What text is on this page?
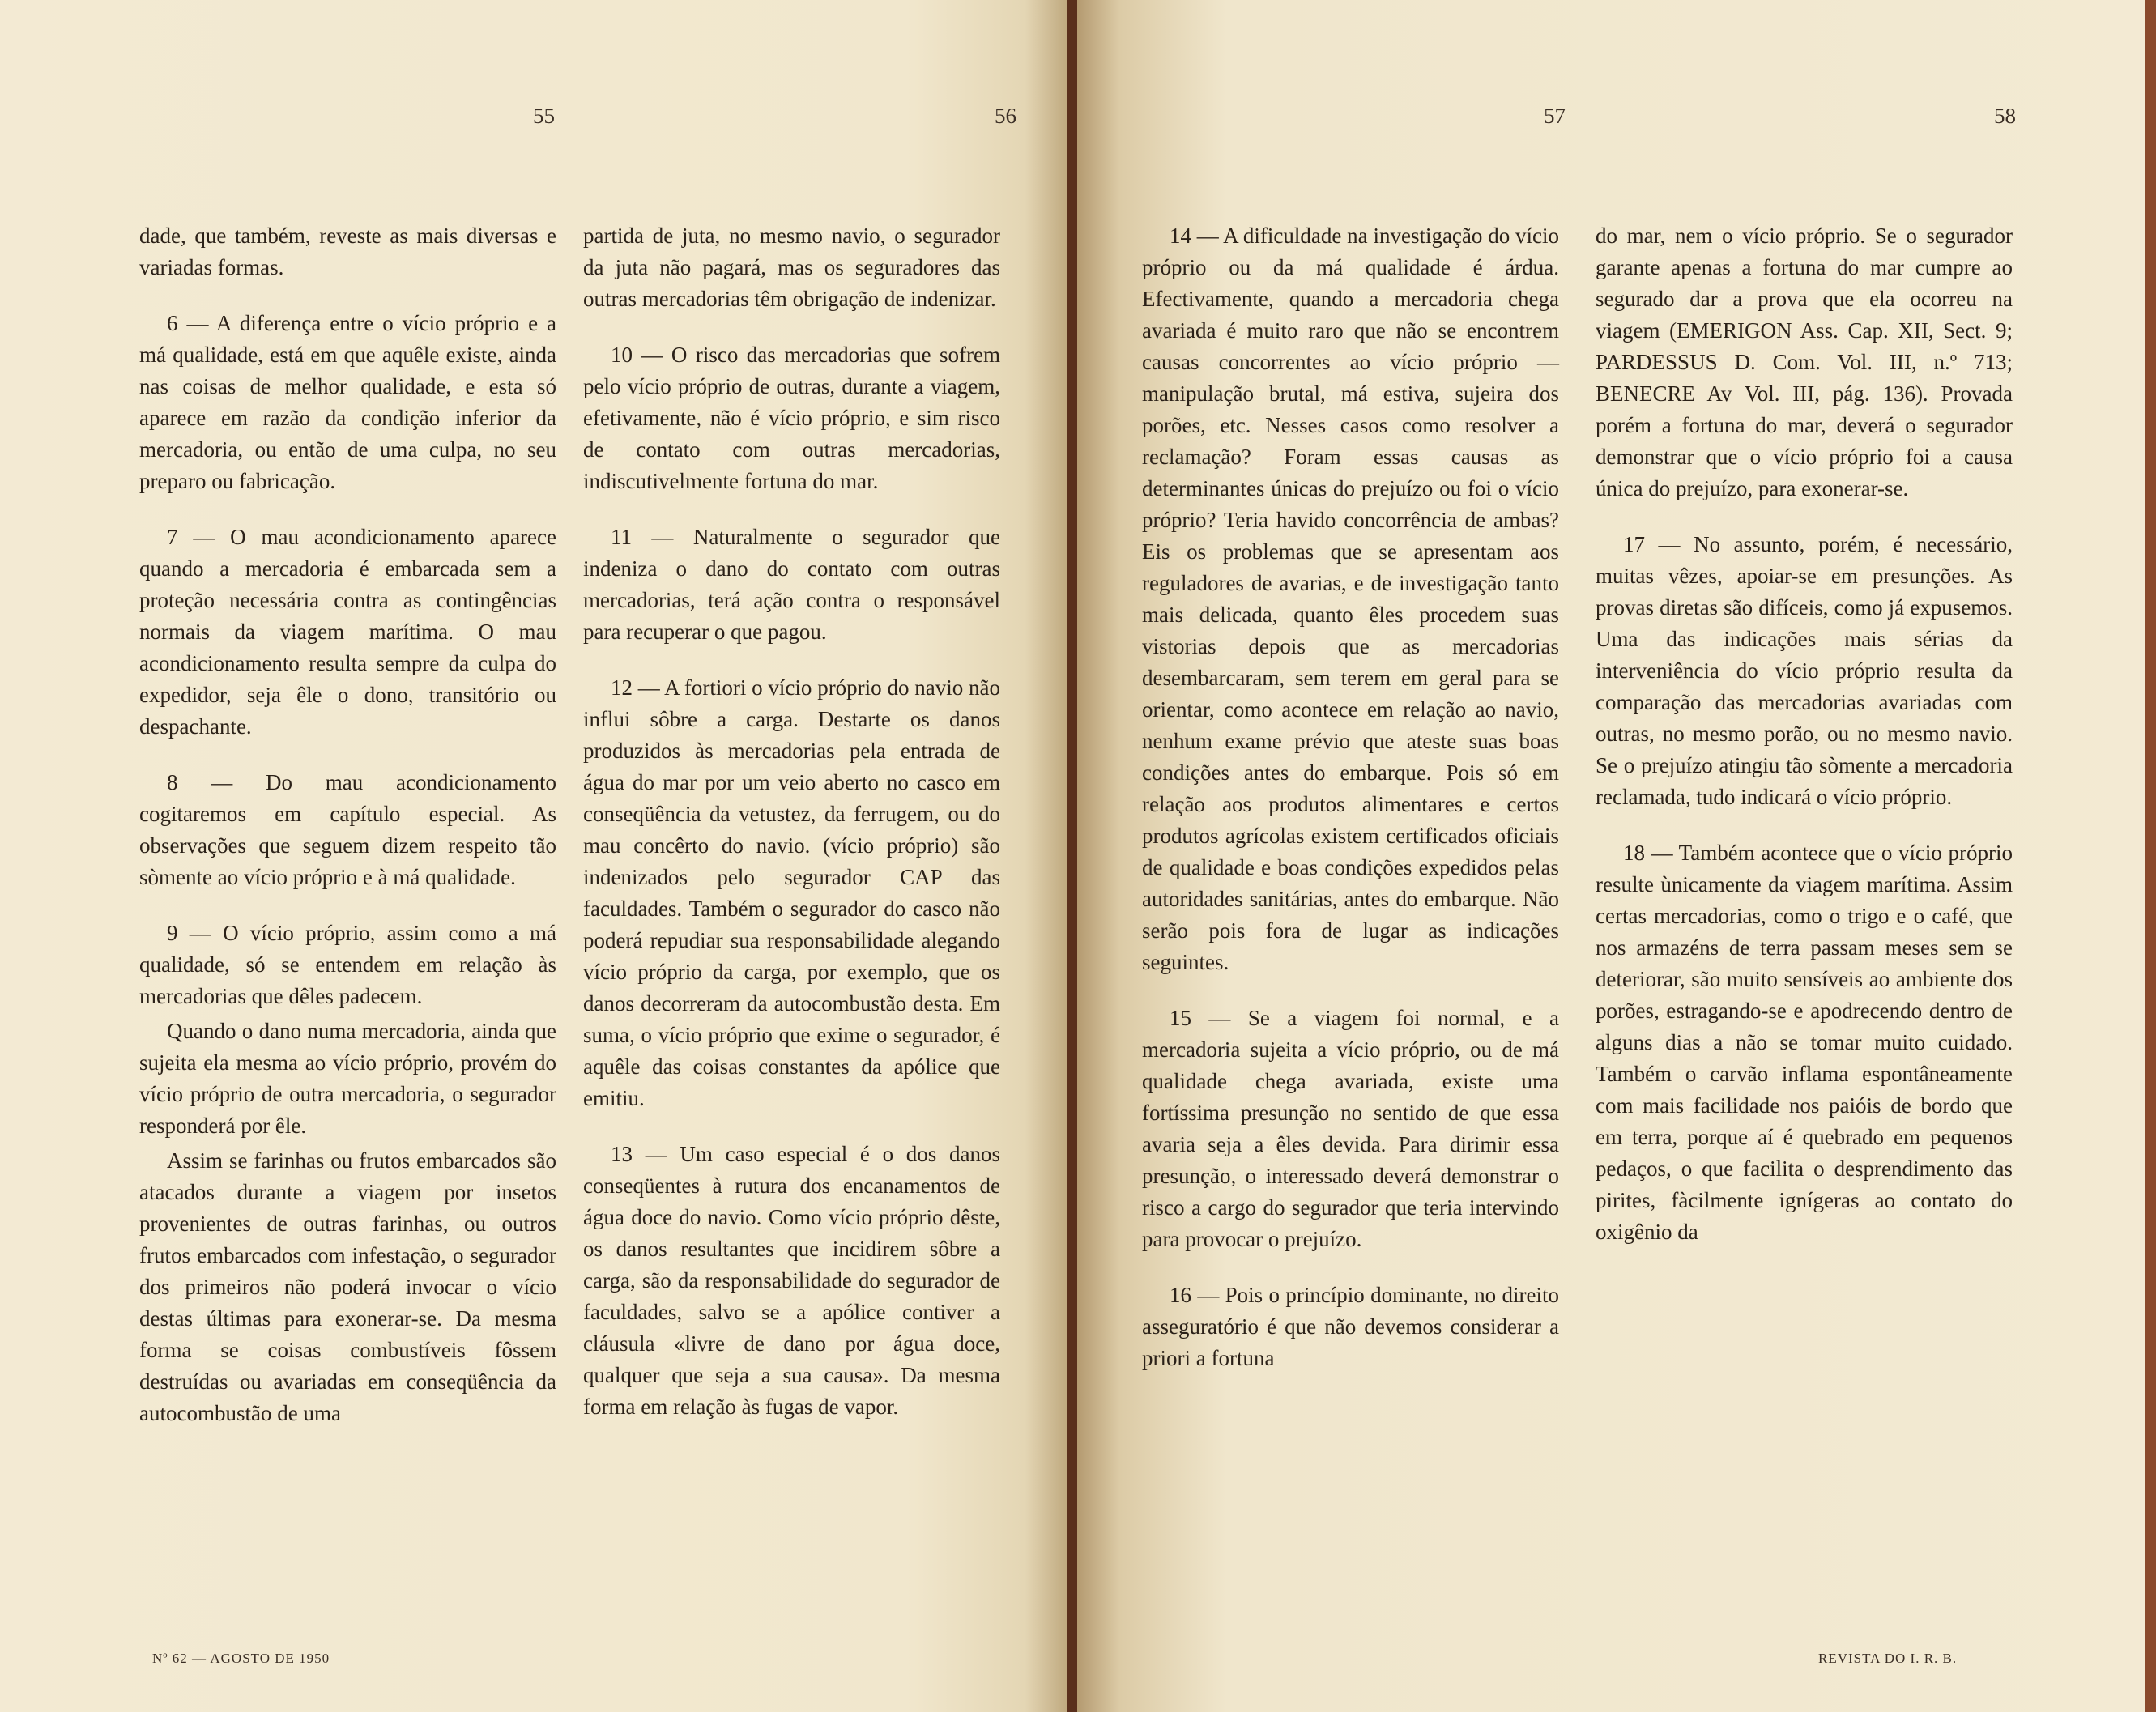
55	56

dade, que também, reveste as mais diversas e variadas formas.

6 — A diferença entre o vício próprio e a má qualidade, está em que aquêle existe, ainda nas coisas de melhor qualidade, e esta só aparece em razão da condição inferior da mercadoria, ou então de uma culpa, no seu preparo ou fabricação.

7 — O mau acondicionamento aparece quando a mercadoria é embarcada sem a proteção necessária contra as contingências normais da viagem marítima. O mau acondicionamento resulta sempre da culpa do expedidor, seja êle o dono, transitório ou despachante.

8 — Do mau acondicionamento cogitaremos em capítulo especial. As observações que seguem dizem respeito tão sòmente ao vício próprio e à má qualidade.

9 — O vício próprio, assim como a má qualidade, só se entendem em relação às mercadorias que dêles padecem.

Quando o dano numa mercadoria, ainda que sujeita ela mesma ao vício próprio, provém do vício próprio de outra mercadoria, o segurador responderá por êle.

Assim se farinhas ou frutos embarcados são atacados durante a viagem por insetos provenientes de outras farinhas, ou outros frutos embarcados com infestação, o segurador dos primeiros não poderá invocar o vício destas últimas para exonerar-se. Da mesma forma se coisas combustíveis fôssem destruídas ou avariadas em conseqüência da autocombustão de uma

partida de juta, no mesmo navio, o segurador da juta não pagará, mas os seguradores das outras mercadorias têm obrigação de indenizar.

10 — O risco das mercadorias que sofrem pelo vício próprio de outras, durante a viagem, efetivamente, não é vício próprio, e sim risco de contato com outras mercadorias, indiscutivelmente fortuna do mar.

11 — Naturalmente o segurador que indeniza o dano do contato com outras mercadorias, terá ação contra o responsável para recuperar o que pagou.

12 — A fortiori o vício próprio do navio não influi sôbre a carga. Destarte os danos produzidos às mercadorias pela entrada de água do mar por um veio aberto no casco em conseqüência da vetustez, da ferrugem, ou do mau concêrto do navio. (vício próprio) são indenizados pelo segurador CAP das faculdades. Também o segurador do casco não poderá repudiar sua responsabilidade alegando vício próprio da carga, por exemplo, que os danos decorreram da autocombustão desta. Em suma, o vício próprio que exime o segurador, é aquêle das coisas constantes da apólice que emitiu.

13 — Um caso especial é o dos danos conseqüentes à rutura dos encanamentos de água doce do navio. Como vício próprio dêste, os danos resultantes que incidirem sôbre a carga, são da responsabilidade do segurador de faculdades, salvo se a apólice contiver a cláusula «livre de dano por água doce, qualquer que seja a sua causa». Da mesma forma em relação às fugas de vapor.

Nº 62 — AGOSTO DE 1950
57	58

14 — A dificuldade na investigação do vício próprio ou da má qualidade é árdua. Efectivamente, quando a mercadoria chega avariada é muito raro que não se encontrem causas concorrentes ao vício próprio — manipulação brutal, má estiva, sujeira dos porões, etc. Nesses casos como resolver a reclamação? Foram essas causas as determinantes únicas do prejuízo ou foi o vício próprio? Teria havido concorrência de ambas? Eis os problemas que se apresentam aos reguladores de avarias, e de investigação tanto mais delicada, quanto êles procedem suas vistorias depois que as mercadorias desembarcaram, sem terem em geral para se orientar, como acontece em relação ao navio, nenhum exame prévio que ateste suas boas condições antes do embarque. Pois só em relação aos produtos alimentares e certos produtos agrícolas existem certificados oficiais de qualidade e boas condições expedidos pelas autoridades sanitárias, antes do embarque. Não serão pois fora de lugar as indicações seguintes.

15 — Se a viagem foi normal, e a mercadoria sujeita a vício próprio, ou de má qualidade chega avariada, existe uma fortíssima presunção no sentido de que essa avaria seja a êles devida. Para dirimir essa presunção, o interessado deverá demonstrar o risco a cargo do segurador que teria intervindo para provocar o prejuízo.

16 — Pois o princípio dominante, no direito asseguratório é que não devemos considerar a priori a fortuna

do mar, nem o vício próprio. Se o segurador garante apenas a fortuna do mar cumpre ao segurado dar a prova que ela ocorreu na viagem (EMERIGON Ass. Cap. XII, Sect. 9; PARDESSUS D. Com. Vol. III, n.º 713; BENECRE Av Vol. III, pág. 136). Provada porém a fortuna do mar, deverá o segurador demonstrar que o vício próprio foi a causa única do prejuízo, para exonerar-se.

17 — No assunto, porém, é necessário, muitas vêzes, apoiar-se em presunções. As provas diretas são difíceis, como já expusemos. Uma das indicações mais sérias da interveniência do vício próprio resulta da comparação das mercadorias avariadas com outras, no mesmo porão, ou no mesmo navio. Se o prejuízo atingiu tão sòmente a mercadoria reclamada, tudo indicará o vício próprio.

18 — Também acontece que o vício próprio resulte ùnicamente da viagem marítima. Assim certas mercadorias, como o trigo e o café, que nos armazéns de terra passam meses sem se deteriorar, são muito sensíveis ao ambiente dos porões, estragando-se e apodrecendo dentro de alguns dias a não se tomar muito cuidado. Também o carvão inflama espontâneamente com mais facilidade nos paióis de bordo que em terra, porque aí é quebrado em pequenos pedaços, o que facilita o desprendimento das pirites, fàcilmente ignígeras ao contato do oxigênio da

REVISTA DO I. R. B.
